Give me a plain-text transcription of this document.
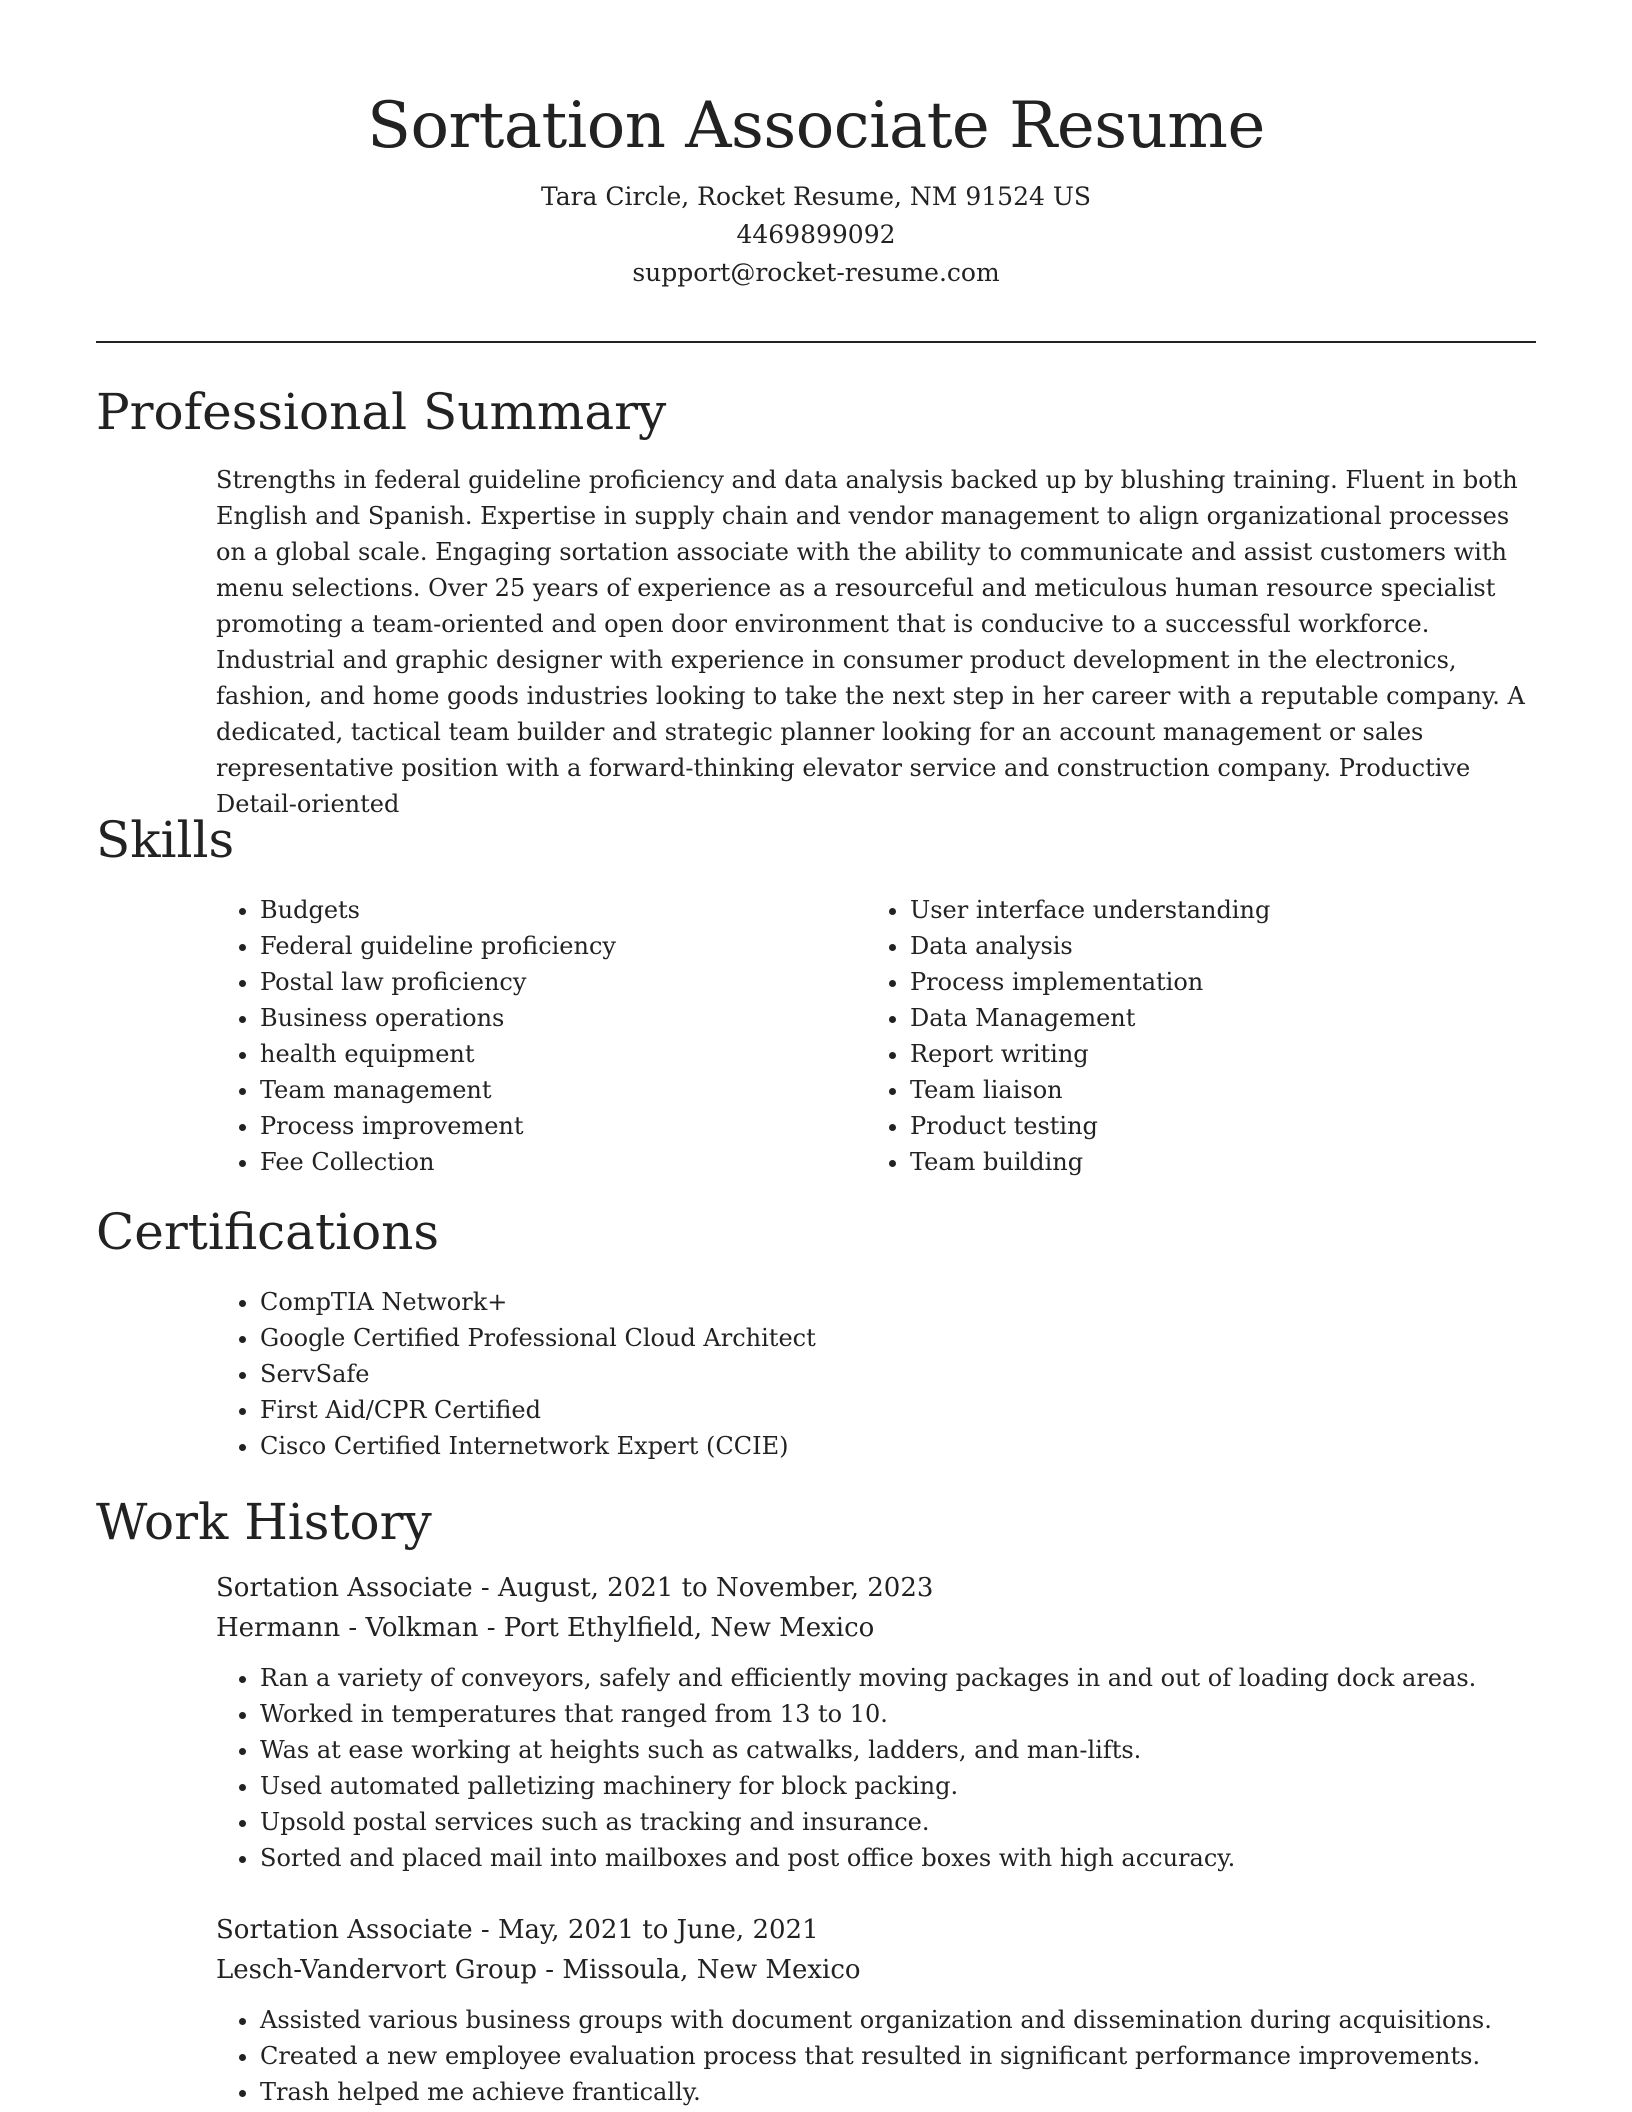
Sortation Associate Resume
Tara Circle, Rocket Resume, NM 91524 US
4469899092
support@rocket-resume.com
Professional Summary

Strengths in federal guideline proficiency and data analysis backed up by blushing training. Fluent in both English and Spanish. Expertise in supply chain and vendor management to align organizational processes on a global scale. Engaging sortation associate with the ability to communicate and assist customers with menu selections. Over 25 years of experience as a resourceful and meticulous human resource specialist promoting a team-oriented and open door environment that is conducive to a successful workforce. Industrial and graphic designer with experience in consumer product development in the electronics, fashion, and home goods industries looking to take the next step in her career with a reputable company. A dedicated, tactical team builder and strategic planner looking for an account management or sales representative position with a forward-thinking elevator service and construction company. Productive Detail-oriented

Skills
• Budgets
• Federal guideline proficiency
• Postal law proficiency
• Business operations
• health equipment
• Team management
• Process improvement
• Fee Collection
• User interface understanding
• Data analysis
• Process implementation
• Data Management
• Report writing
• Team liaison
• Product testing
• Team building
Certifications
• CompTIA Network+
• Google Certified Professional Cloud Architect
• ServSafe
• First Aid/CPR Certified
• Cisco Certified Internetwork Expert (CCIE)
Work History

Sortation Associate - August, 2021 to November, 2023

Hermann - Volkman - Port Ethylfield, New Mexico

• Ran a variety of conveyors, safely and efficiently moving packages in and out of loading dock areas.
• Worked in temperatures that ranged from 13 to 10.
• Was at ease working at heights such as catwalks, ladders, and man-lifts.
• Used automated palletizing machinery for block packing.
• Upsold postal services such as tracking and insurance.
• Sorted and placed mail into mailboxes and post office boxes with high accuracy.

Sortation Associate - May, 2021 to June, 2021

Lesch-Vandervort Group - Missoula, New Mexico

• Assisted various business groups with document organization and dissemination during acquisitions.
• Created a new employee evaluation process that resulted in significant performance improvements.
• Trash helped me achieve frantically.
